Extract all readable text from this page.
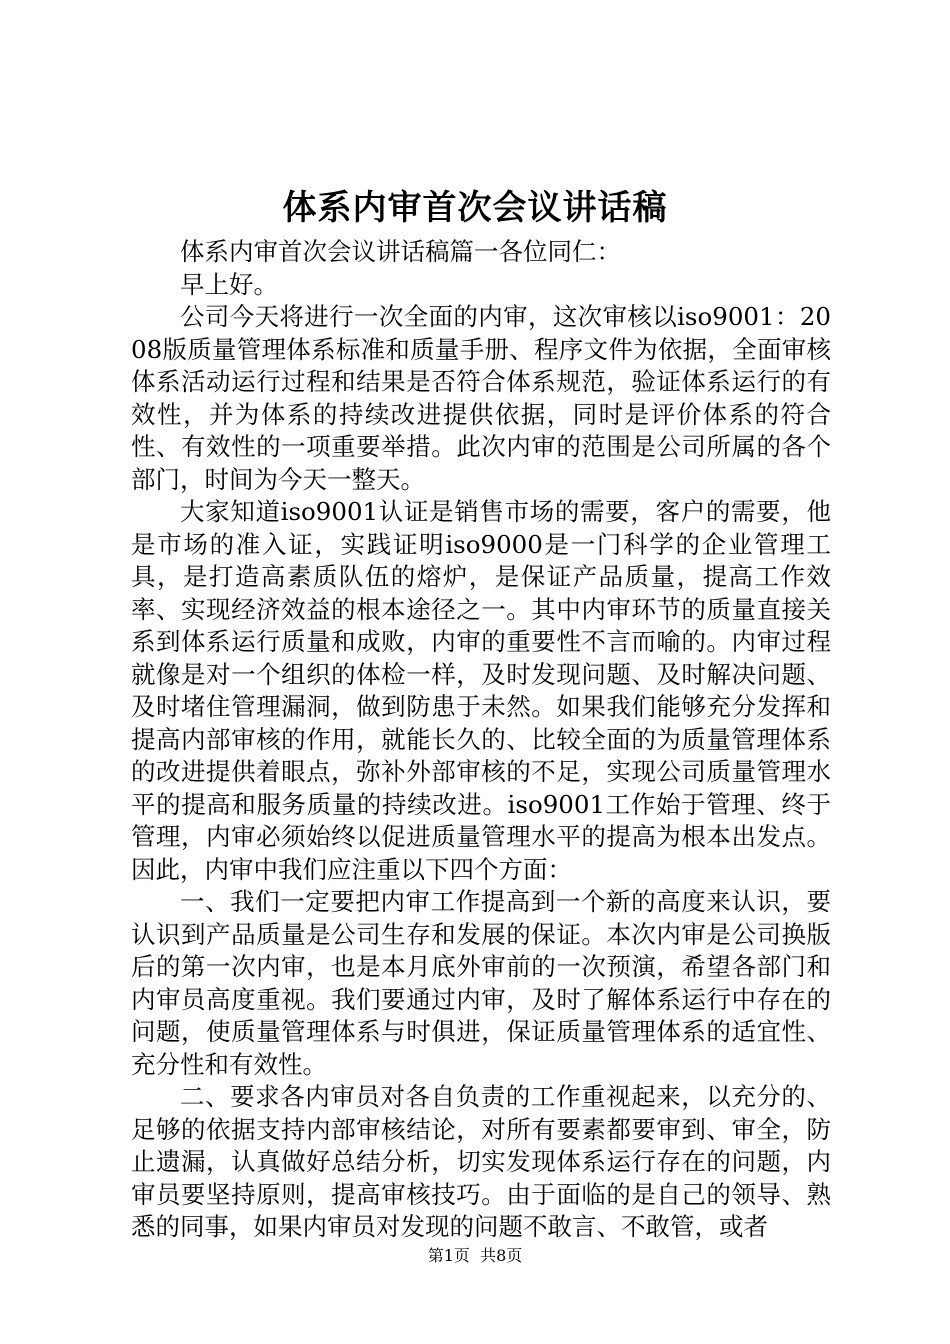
体系内审首次会议讲话稿

体系内审首次会议讲话稿篇一各位同仁：

早上好。

公司今天将进行一次全面的内审，这次审核以iso9001：2008版质量管理体系标准和质量手册、程序文件为依据，全面审核体系活动运行过程和结果是否符合体系规范，验证体系运行的有效性，并为体系的持续改进提供依据，同时是评价体系的符合性、有效性的一项重要举措。此次内审的范围是公司所属的各个部门，时间为今天一整天。

大家知道iso9001认证是销售市场的需要，客户的需要，他是市场的准入证，实践证明iso9000是一门科学的企业管理工具，是打造高素质队伍的熔炉，是保证产品质量，提高工作效率、实现经济效益的根本途径之一。其中内审环节的质量直接关系到体系运行质量和成败，内审的重要性不言而喻的。内审过程就像是对一个组织的体检一样，及时发现问题、及时解决问题、及时堵住管理漏洞，做到防患于未然。如果我们能够充分发挥和提高内部审核的作用，就能长久的、比较全面的为质量管理体系的改进提供着眼点，弥补外部审核的不足，实现公司质量管理水平的提高和服务质量的持续改进。iso9001工作始于管理、终于管理，内审必须始终以促进质量管理水平的提高为根本出发点。因此，内审中我们应注重以下四个方面：

一、我们一定要把内审工作提高到一个新的高度来认识，要认识到产品质量是公司生存和发展的保证。本次内审是公司换版后的第一次内审，也是本月底外审前的一次预演，希望各部门和内审员高度重视。我们要通过内审，及时了解体系运行中存在的问题，使质量管理体系与时俱进，保证质量管理体系的适宜性、充分性和有效性。

二、要求各内审员对各自负责的工作重视起来，以充分的、足够的依据支持内部审核结论，对所有要素都要审到、审全，防止遗漏，认真做好总结分析，切实发现体系运行存在的问题，内审员要坚持原则，提高审核技巧。由于面临的是自己的领导、熟悉的同事，如果内审员对发现的问题不敢言、不敢管，或者

第1页 共8页
